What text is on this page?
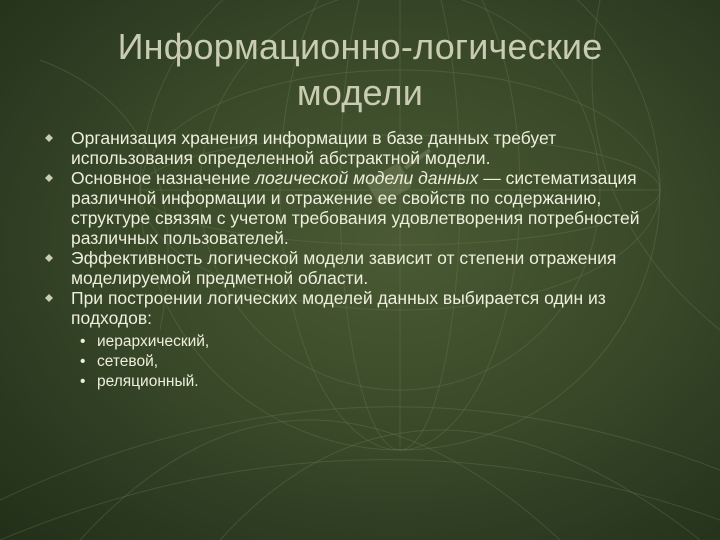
Информационно-логические
модели
Организация хранения информации в базе данных требует использования определенной абстрактной модели.
Основное назначение логической модели данных — систематизация различной информации и отражение ее свойств по содержанию, структуре связям с учетом требования удовлетворения потребностей различных пользователей.
Эффективность логической модели зависит от степени отражения моделируемой предметной области.
При построении логических моделей данных выбирается один из подходов:
• иерархический,
• сетевой,
• реляционный.
